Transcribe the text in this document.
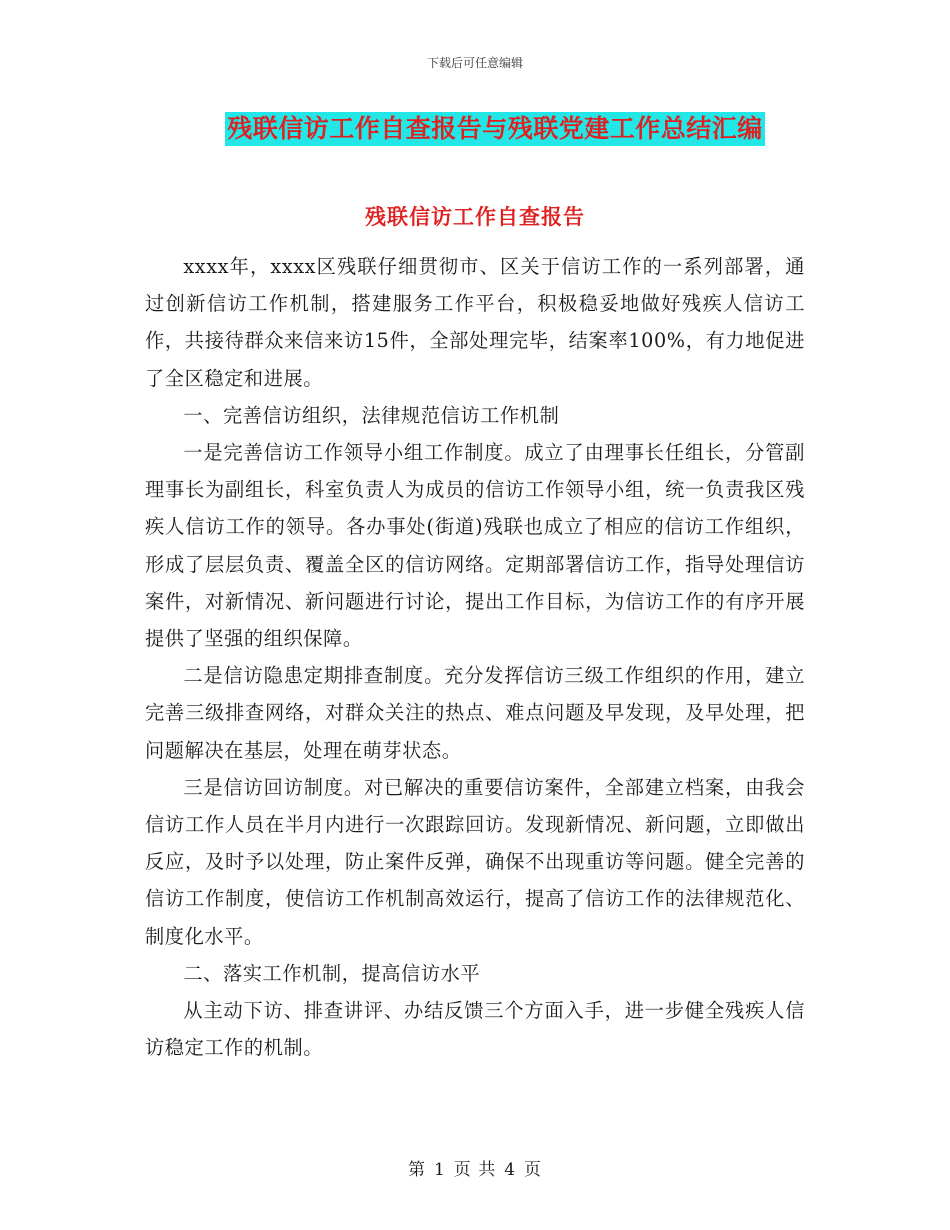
下载后可任意编辑
残联信访工作自查报告与残联党建工作总结汇编
残联信访工作自查报告

xxxx年，xxxx区残联仔细贯彻市、区关于信访工作的一系列部署，通过创新信访工作机制，搭建服务工作平台，积极稳妥地做好残疾人信访工作，共接待群众来信来访15件，全部处理完毕，结案率100%，有力地促进了全区稳定和进展。

一、完善信访组织，法律规范信访工作机制

一是完善信访工作领导小组工作制度。成立了由理事长任组长，分管副理事长为副组长，科室负责人为成员的信访工作领导小组，统一负责我区残疾人信访工作的领导。各办事处(街道)残联也成立了相应的信访工作组织，形成了层层负责、覆盖全区的信访网络。定期部署信访工作，指导处理信访案件，对新情况、新问题进行讨论，提出工作目标，为信访工作的有序开展提供了坚强的组织保障。

二是信访隐患定期排查制度。充分发挥信访三级工作组织的作用，建立完善三级排查网络，对群众关注的热点、难点问题及早发现，及早处理，把问题解决在基层，处理在萌芽状态。

三是信访回访制度。对已解决的重要信访案件，全部建立档案，由我会信访工作人员在半月内进行一次跟踪回访。发现新情况、新问题，立即做出反应，及时予以处理，防止案件反弹，确保不出现重访等问题。健全完善的信访工作制度，使信访工作机制高效运行，提高了信访工作的法律规范化、制度化水平。

二、落实工作机制，提高信访水平

从主动下访、排查讲评、办结反馈三个方面入手，进一步健全残疾人信访稳定工作的机制。

第 1 页 共 4 页
